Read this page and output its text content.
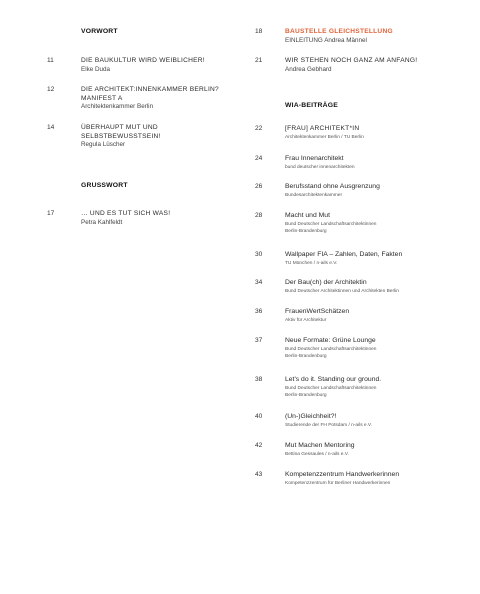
VORWORT
11	DIE BAUKULTUR WIRD WEIBLICHER!
Elke Duda
12	DIE ARCHITEKT:INNENKAMMER BERLIN?
MANIFEST A
Architektenkammer Berlin
14	ÜBERHAUPT MUT UND
SELBSTBEWUSSTSEIN!
Regula Lüscher
GRUSSWORT
17	… UND ES TUT SICH WAS!
Petra Kahlfeldt
18	BAUSTELLE GLEICHSTELLUNG
EINLEITUNG Andrea Männel
21	WIR STEHEN NOCH GANZ AM ANFANG!
Andrea Gebhard
WIA-BEITRÄGE
22	[FRAU] ARCHITEKT*IN
Architektenkammer Berlin / TU Berlin
24	Frau Innenarchitekt
bund deutscher innenarchitekten
26	Berufsstand ohne Ausgrenzung
Bundesarchitektenkammer
28	Macht und Mut
Bund Deutscher Landschaftsarchitektinnen
Berlin-Brandenburg
30	Wallpaper FIA – Zahlen, Daten, Fakten
TU München / n-ails e.V.
34	Der Bau(ch) der Architektin
Bund Deutscher Architektinnen und Architekten Berlin
36	FrauenWertSchätzen
Aktiv für Architektur
37	Neue Formate: Grüne Lounge
Bund Deutscher Landschaftsarchitektinnen
Berlin-Brandenburg
38	Let's do it. Standing our ground.
Bund Deutscher Landschaftsarchitektinnen
Berlin-Brandenburg
40	(Un-)Gleichheit?!
Studierende der FH Potsdam / n-ails e.V.
42	Mut Machen Mentoring
Bettina Gessaules / n-ails e.V.
43	Kompetenzzentrum Handwerkerinnen
Kompetenzzentrum für Berliner Handwerkerinnen
